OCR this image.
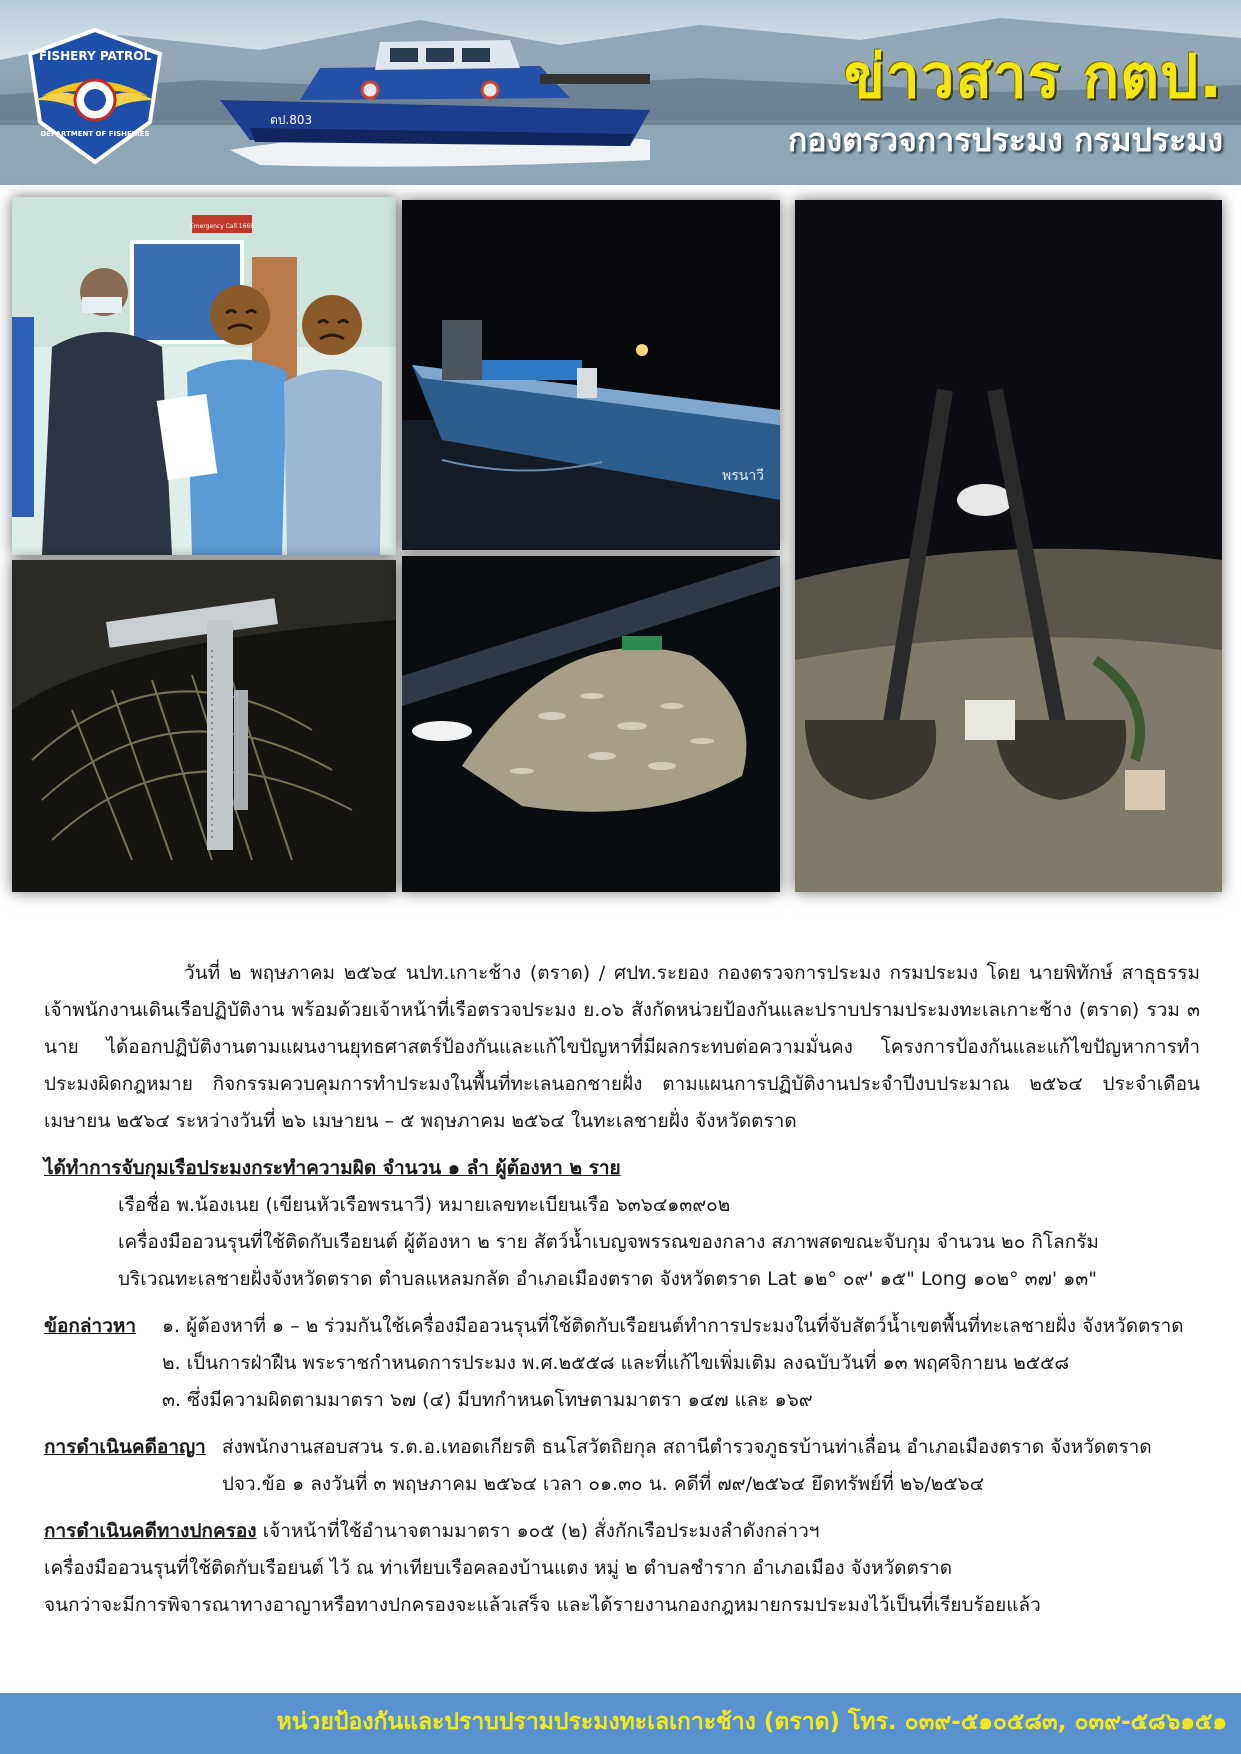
ตป.803
FISHERY PATROL
DEPARTMENT OF FISHERIES
ข่าวสาร กตป.
กองตรวจการประมง กรมประมง
Emergency Call 1669
พรนาวี
วันที่ ๒ พฤษภาคม ๒๕๖๔ นปท.เกาะช้าง (ตราด) / ศปท.ระยอง กองตรวจการประมง กรมประมง โดย นายพิทักษ์ สาธุธรรม เจ้าพนักงานเดินเรือปฏิบัติงาน พร้อมด้วยเจ้าหน้าที่เรือตรวจประมง ย.๐๖ สังกัดหน่วยป้องกันและปราบปรามประมงทะเลเกาะช้าง (ตราด) รวม ๓ นาย ได้ออกปฏิบัติงานตามแผนงานยุทธศาสตร์ป้องกันและแก้ไขปัญหาที่มีผลกระทบต่อความมั่นคง โครงการป้องกันและแก้ไขปัญหาการทำประมงผิดกฎหมาย กิจกรรมควบคุมการทำประมงในพื้นที่ทะเลนอกชายฝั่ง ตามแผนการปฏิบัติงานประจำปีงบประมาณ ๒๕๖๔ ประจำเดือน เมษายน ๒๕๖๔ ระหว่างวันที่ ๒๖ เมษายน – ๕ พฤษภาคม ๒๕๖๔ ในทะเลชายฝั่ง จังหวัดตราด
ได้ทำการจับกุมเรือประมงกระทำความผิด จำนวน ๑ ลำ ผู้ต้องหา ๒ ราย
เรือชื่อ พ.น้องเนย (เขียนหัวเรือพรนาวี) หมายเลขทะเบียนเรือ ๖๓๖๔๑๓๙๐๒
เครื่องมืออวนรุนที่ใช้ติดกับเรือยนต์ ผู้ต้องหา ๒ ราย สัตว์น้ำเบญจพรรณของกลาง สภาพสดขณะจับกุม จำนวน ๒๐ กิโลกรัม
บริเวณทะเลชายฝั่งจังหวัดตราด ตำบลแหลมกลัด อำเภอเมืองตราด จังหวัดตราด Lat ๑๒° ๐๙' ๑๕" Long ๑๐๒° ๓๗' ๑๓"
ข้อกล่าวหา	๑. ผู้ต้องหาที่ ๑ – ๒ ร่วมกันใช้เครื่องมืออวนรุนที่ใช้ติดกับเรือยนต์ทำการประมงในที่จับสัตว์น้ำเขตพื้นที่ทะเลชายฝั่ง จังหวัดตราด
๒. เป็นการฝ่าฝืน พระราชกำหนดการประมง พ.ศ.๒๕๕๘ และที่แก้ไขเพิ่มเติม ลงฉบับวันที่ ๑๓ พฤศจิกายน ๒๕๕๘
๓. ซึ่งมีความผิดตามมาตรา ๖๗ (๔) มีบทกำหนดโทษตามมาตรา ๑๔๗ และ ๑๖๙
การดำเนินคดีอาญา ส่งพนักงานสอบสวน ร.ต.อ.เทอดเกียรติ ธนโสวัตถิยกุล สถานีตำรวจภูธรบ้านท่าเลื่อน อำเภอเมืองตราด จังหวัดตราด
ปจว.ข้อ ๑ ลงวันที่ ๓ พฤษภาคม ๒๕๖๔ เวลา ๐๑.๓๐ น. คดีที่ ๗๙/๒๕๖๔ ยึดทรัพย์ที่ ๒๖/๒๕๖๔
การดำเนินคดีทางปกครอง เจ้าหน้าที่ใช้อำนาจตามมาตรา ๑๐๕ (๒) สั่งกักเรือประมงลำดังกล่าวฯ
เครื่องมืออวนรุนที่ใช้ติดกับเรือยนต์ ไว้ ณ ท่าเทียบเรือคลองบ้านแตง หมู่ ๒ ตำบลชำราก อำเภอเมือง จังหวัดตราด
จนกว่าจะมีการพิจารณาทางอาญาหรือทางปกครองจะแล้วเสร็จ และได้รายงานกองกฎหมายกรมประมงไว้เป็นที่เรียบร้อยแล้ว
หน่วยป้องกันและปราบปรามประมงทะเลเกาะช้าง (ตราด) โทร. ๐๓๙-๕๑๐๕๘๓, ๐๓๙-๕๘๖๑๕๑
